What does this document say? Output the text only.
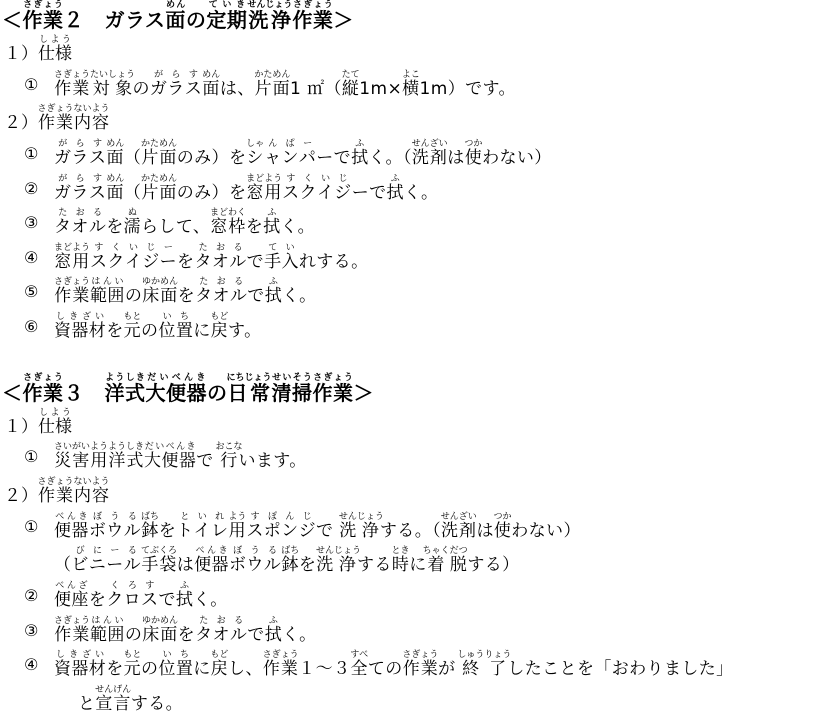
＜作業さぎょう２　ガラス面めんの定期ていき洗浄せんじょう作業さぎょう＞
１）仕様しよう
① 作業さぎょう対象たいしょうのガがラらスす面めんは、片面かためん1 ㎡（縦たて1m×横よこ1m）です。
２）作業さぎょう内容ないよう
① ガがラらスす面めん（片面かためんのみ）をシしゃャんンぱパーーで拭ふく。（洗剤せんざいは使つかわない）
② ガがラらスす面めん（片面かためんのみ）を窓まど用ようスすクくイいジじーで拭ふく。
③ タたオおルるを濡ぬらして、窓枠まどわくを拭ふく。
④ 窓まど用ようスすクくイいジじーーをタたオおルるで手て入いれする。
⑤ 作業さぎょう範囲はんいの床面ゆかめんをタたオおルるで拭ふく。
⑥ 資器材しきざいを元もとの位置いちに戻もどす。
＜作業さぎょう３　洋式ようしき大便器だいべんきの日常にちじょう清掃せいそう作業さぎょう＞
１）仕様しよう
① 災害さいがい用よう洋式ようしき大便器だいべんきで 行おこないます。
２）作業さぎょう内容ないよう
① 便器べんきボぼウうルる鉢ばちをトとイいレれ用ようスすポぽンんジじで 洗せん浄じょうする。（洗剤せんざいは使つかわない）
（ビびニにーールる手袋てぶくろは便器べんきボぼウうルる鉢ばちを洗せん浄じょうする時ときに着ちゃく脱だつする）
② 便座べんざをクくロろスすで拭ふく。
③ 作業さぎょう範囲はんいの床面ゆかめんをタたオおルるで拭ふく。
④ 資器材しきざいを元もとの位置いちに戻もどし、作業さぎょう１～３全すべての作業さぎょうが 終しゅう了りょうしたことを「おわりました」
と宣言せんげんする。
